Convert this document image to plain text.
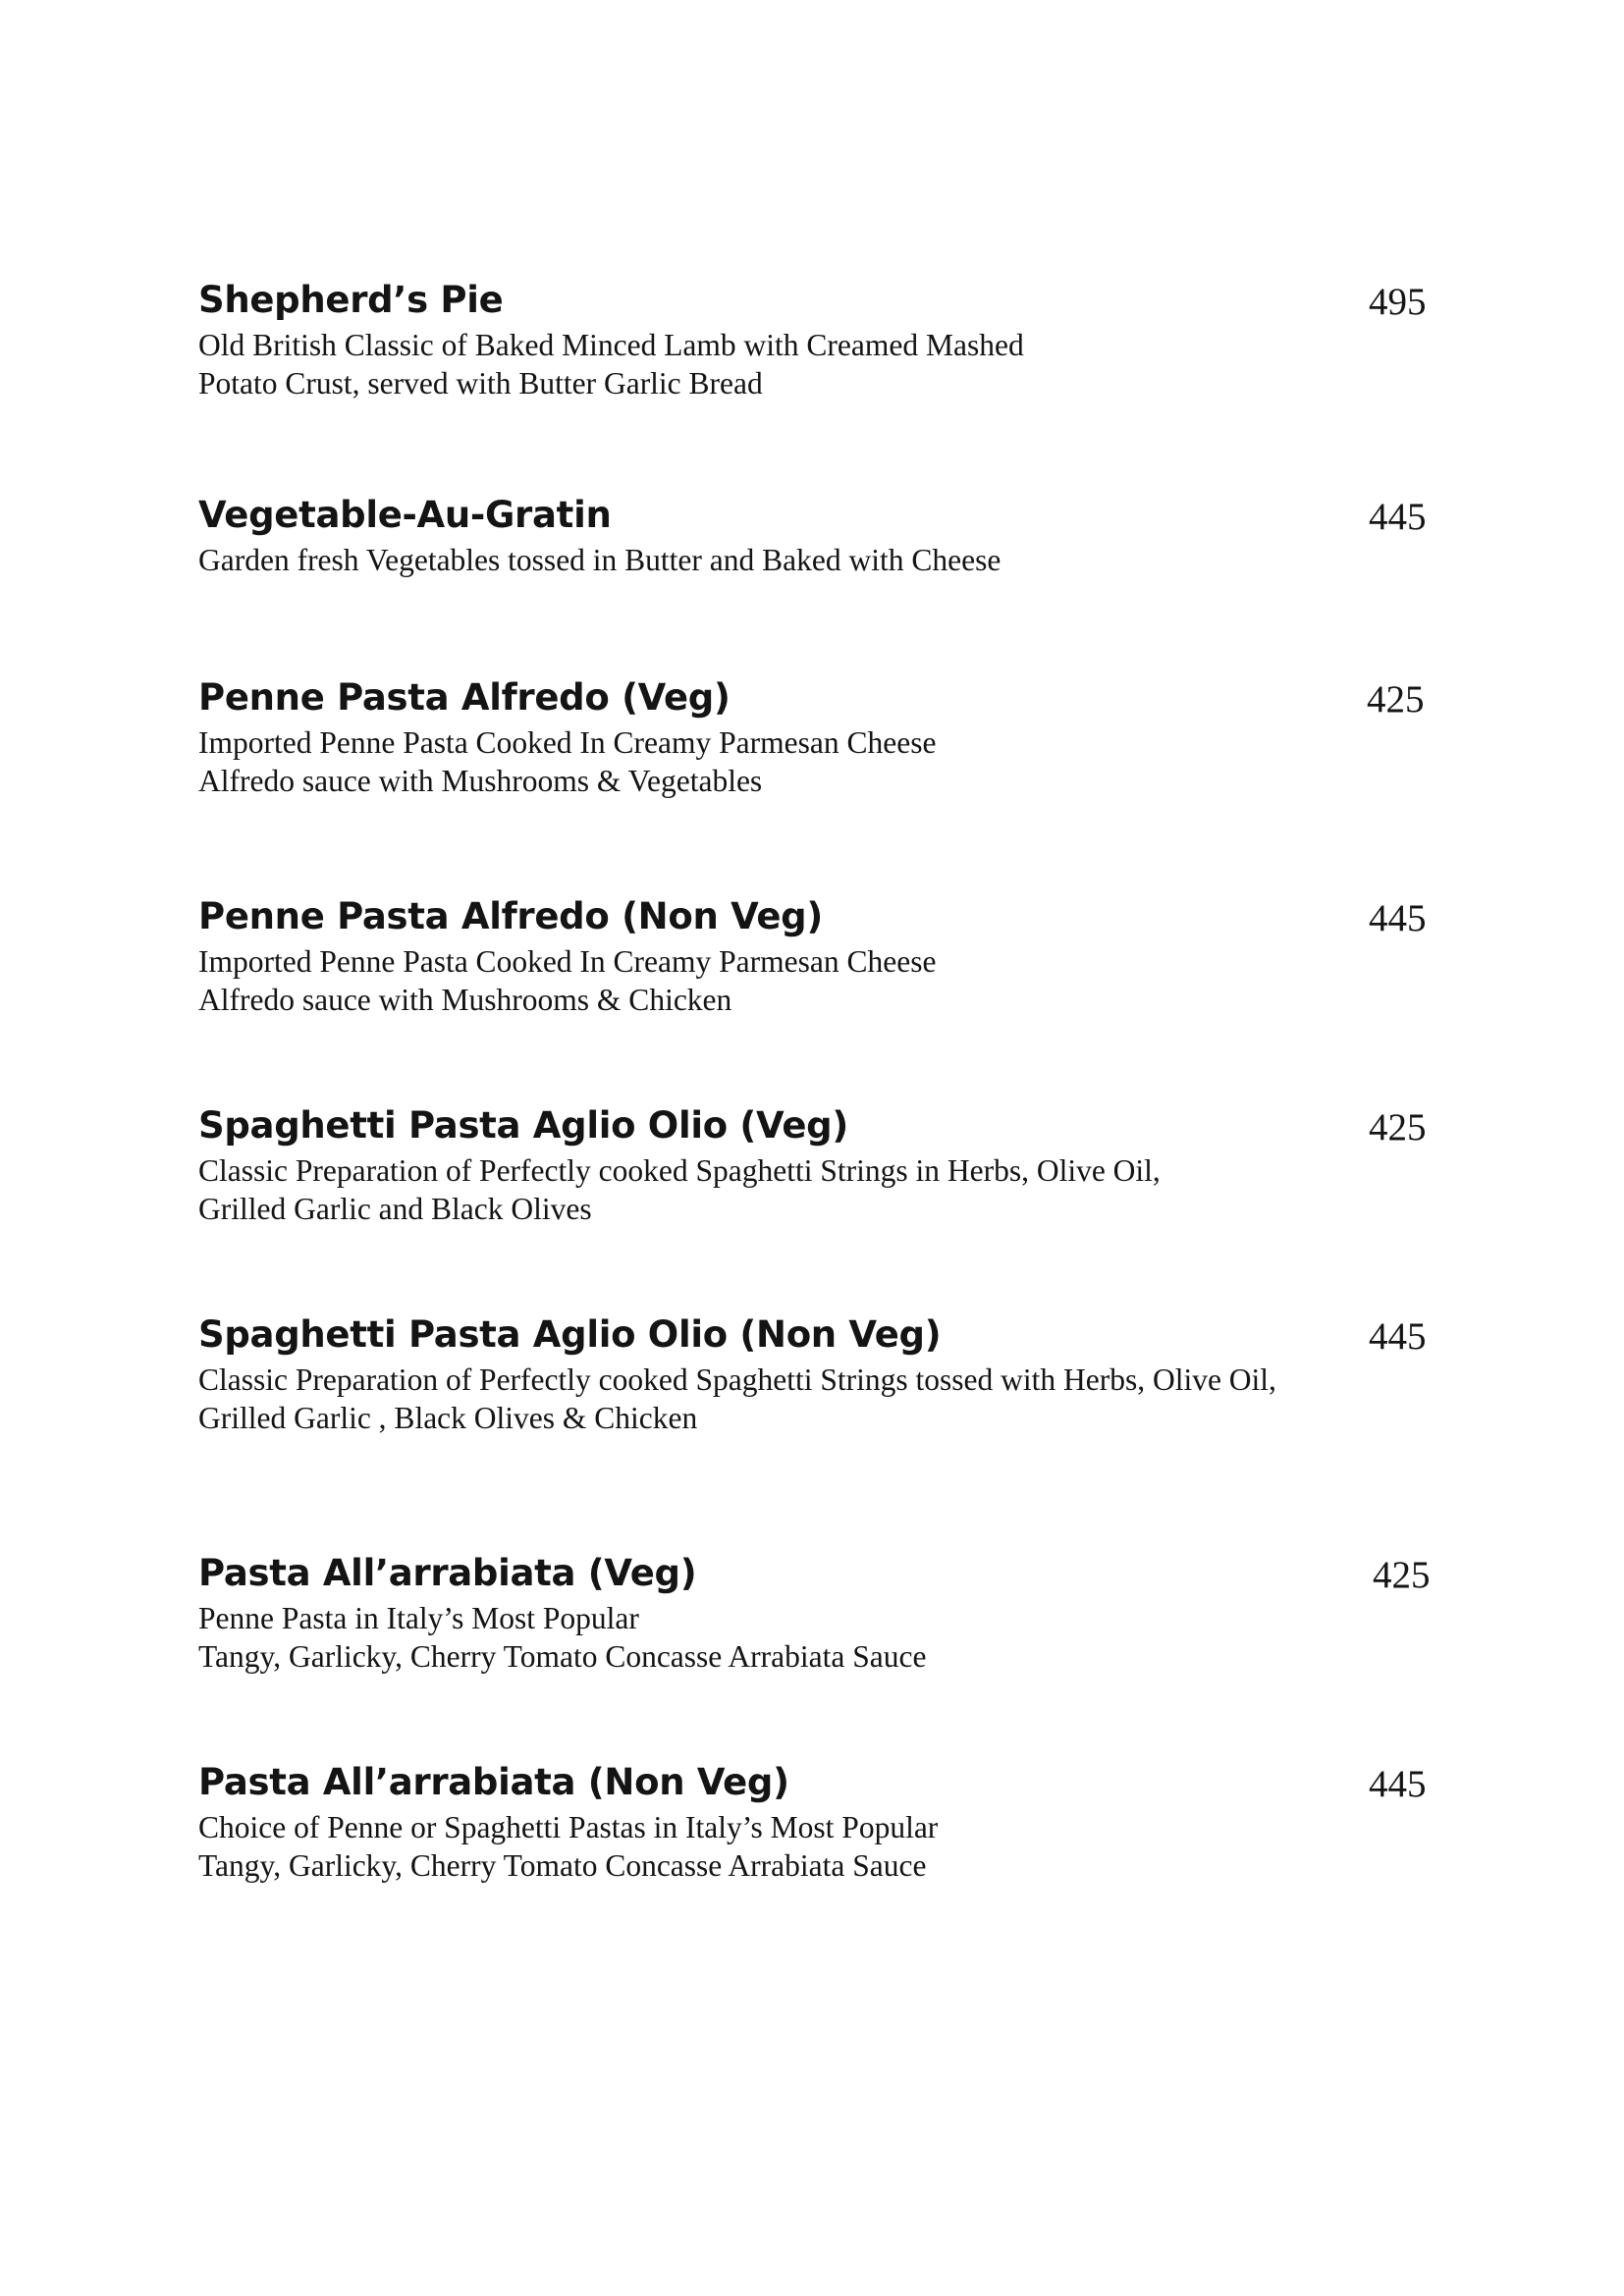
Shepherd’s Pie	495
Old British Classic of Baked Minced Lamb with Creamed Mashed
Potato Crust, served with Butter Garlic Bread
Vegetable-Au-Gratin	445
Garden fresh Vegetables tossed in Butter and Baked with Cheese
Penne Pasta Alfredo (Veg)	425
Imported Penne Pasta Cooked In Creamy Parmesan Cheese
Alfredo sauce with Mushrooms & Vegetables
Penne Pasta Alfredo (Non Veg)	445
Imported Penne Pasta Cooked In Creamy Parmesan Cheese
Alfredo sauce with Mushrooms & Chicken
Spaghetti Pasta Aglio Olio (Veg)	425
Classic Preparation of Perfectly cooked Spaghetti Strings in Herbs, Olive Oil,
Grilled Garlic and Black Olives
Spaghetti Pasta Aglio Olio (Non Veg)	445
Classic Preparation of Perfectly cooked Spaghetti Strings tossed with Herbs, Olive Oil,
Grilled Garlic , Black Olives & Chicken
Pasta All’arrabiata (Veg)	425
Penne Pasta in Italy’s Most Popular
Tangy, Garlicky, Cherry Tomato Concasse Arrabiata Sauce
Pasta All’arrabiata (Non Veg)	445
Choice of Penne or Spaghetti Pastas in Italy’s Most Popular
Tangy, Garlicky, Cherry Tomato Concasse Arrabiata Sauce
